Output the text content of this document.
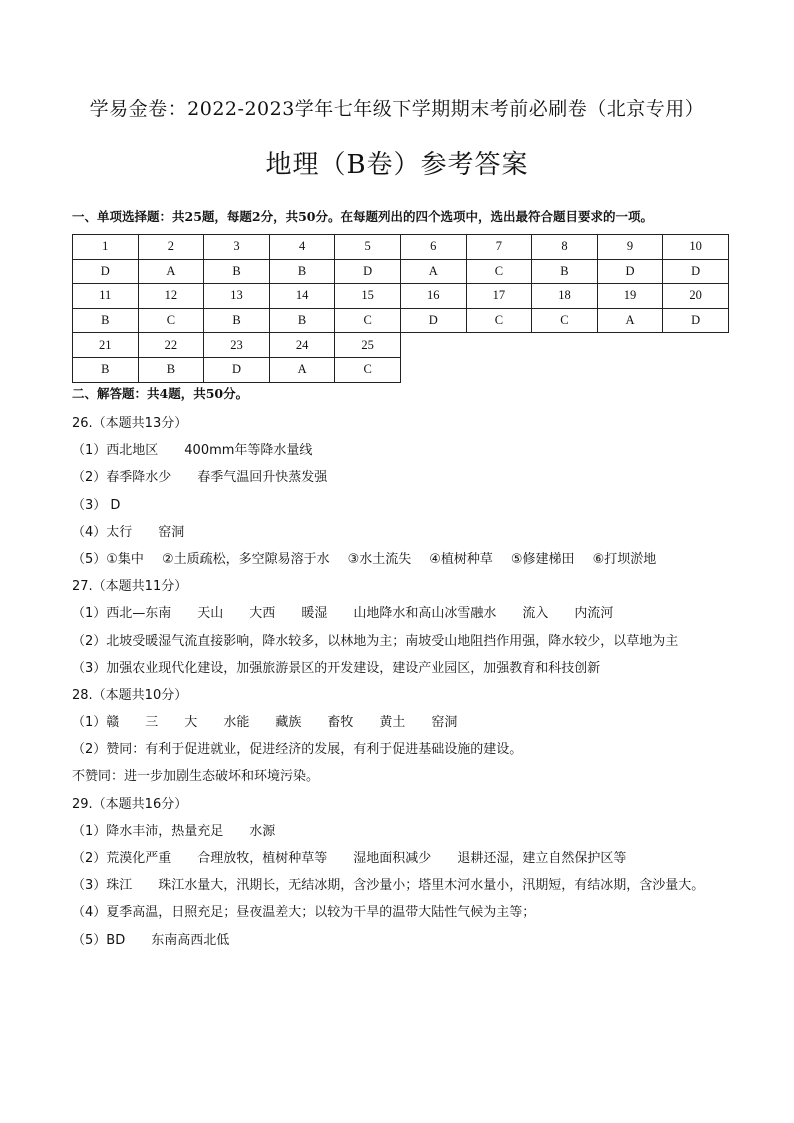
学易金卷：2022-2023学年七年级下学期期末考前必刷卷（北京专用）
地理（B卷）参考答案
一、单项选择题：共25题，每题2分，共50分。在每题列出的四个选项中，选出最符合题目要求的一项。
1	2	3	4	5	6	7	8	9	10
D	A	B	B	D	A	C	B	D	D
11	12	13	14	15	16	17	18	19	20
B	C	B	B	C	D	C	C	A	D
21	22	23	24	25					
B	B	D	A	C					
二、解答题：共4题，共50分。
26.（本题共13分）
（1）西北地区 400mm年等降水量线
（2）春季降水少 春季气温回升快蒸发强
（3） D
（4）太行 窑洞
（5）①集中 ②土质疏松，多空隙易溶于水 ③水土流失 ④植树种草 ⑤修建梯田 ⑥打坝淤地
27.（本题共11分）
（1）西北—东南 天山 大西 暖湿 山地降水和高山冰雪融水 流入 内流河
（2）北坡受暖湿气流直接影响，降水较多，以林地为主；南坡受山地阻挡作用强，降水较少，以草地为主
（3）加强农业现代化建设，加强旅游景区的开发建设，建设产业园区，加强教育和科技创新
28.（本题共10分）
（1）赣 三 大 水能 藏族 畜牧 黄土 窑洞
（2）赞同：有利于促进就业，促进经济的发展，有利于促进基础设施的建设。
不赞同：进一步加剧生态破坏和环境污染。
29.（本题共16分）
（1）降水丰沛，热量充足 水源
（2）荒漠化严重 合理放牧，植树种草等 湿地面积减少 退耕还湿，建立自然保护区等
（3）珠江 珠江水量大，汛期长，无结冰期，含沙量小；塔里木河水量小，汛期短，有结冰期，含沙量大。
（4）夏季高温，日照充足；昼夜温差大；以较为干旱的温带大陆性气候为主等；
（5）BD 东南高西北低
